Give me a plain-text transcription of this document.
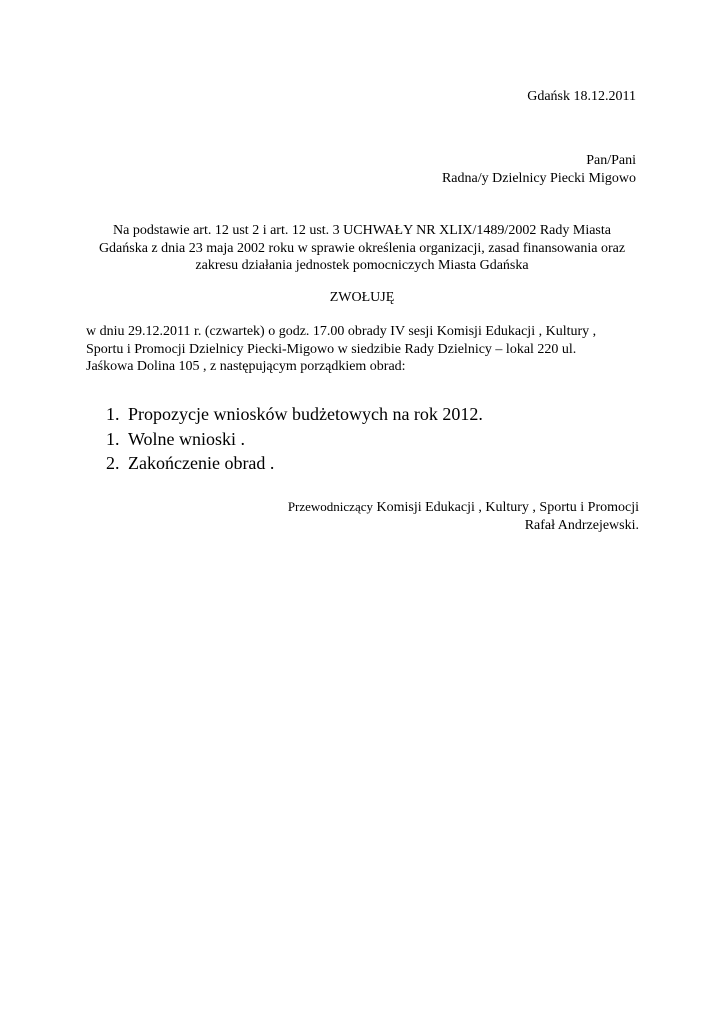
Gdańsk 18.12.2011
Pan/Pani
Radna/y Dzielnicy Piecki Migowo
Na podstawie art. 12 ust 2 i art. 12 ust. 3 UCHWAŁY NR XLIX/1489/2002 Rady Miasta
Gdańska z dnia 23 maja 2002 roku w sprawie określenia organizacji, zasad finansowania oraz
zakresu działania jednostek pomocniczych Miasta Gdańska
ZWOŁUJĘ
w dniu 29.12.2011 r. (czwartek) o godz. 17.00 obrady IV sesji Komisji Edukacji , Kultury ,
Sportu i Promocji Dzielnicy Piecki-Migowo w siedzibie Rady Dzielnicy – lokal 220 ul.
Jaśkowa Dolina 105 , z następującym porządkiem obrad:
1. Propozycje wniosków budżetowych na rok 2012.
1. Wolne wnioski .
2. Zakończenie obrad .
Przewodniczący Komisji Edukacji , Kultury , Sportu i Promocji
Rafał Andrzejewski.
